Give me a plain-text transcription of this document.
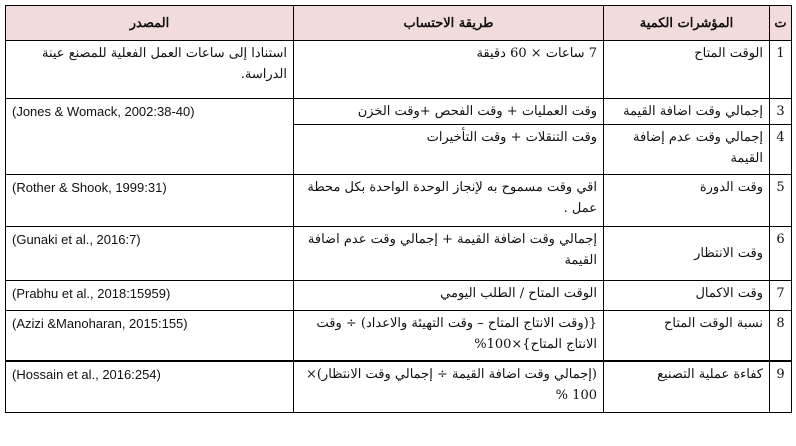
ت	المؤشرات الكمية	طريقة الاحتساب	المصدر
1	الوقت المتاح	7 ساعات × 60 دقيقة	استنادا إلى ساعات العمل الفعلية للمصنع عينة الدراسة.
3	إجمالي وقت اضافة القيمة	وقت العمليات + وقت الفحص +وقت الخزن	(Jones & Womack, 2002:38-40)
4	إجمالي وقت عدم إضافة القيمة	وقت التنقلات + وقت التأخيرات	
5	وقت الدورة	اقي وقت مسموح به لإنجاز الوحدة الواحدة بكل محطة عمل .	(Rother & Shook, 1999:31)
6	وقت الانتظار	إجمالي وقت اضافة القيمة + إجمالي وقت عدم اضافة القيمة	(Gunaki et al., 2016:7)
7	وقت الاكمال	الوقت المتاح / الطلب اليومي	(Prabhu et al., 2018:15959)
8	نسبة الوقت المتاح	{(وقت الانتاج المتاح – وقت التهيئة والاعداد) ÷ وقت الانتاج المتاح}×100%	(Azizi &Manoharan, 2015:155)
9	كفاءة عملية التصنيع	(إجمالي وقت اضافة القيمة ÷ إجمالي وقت الانتظار)× 100 %	(Hossain et al., 2016:254)
